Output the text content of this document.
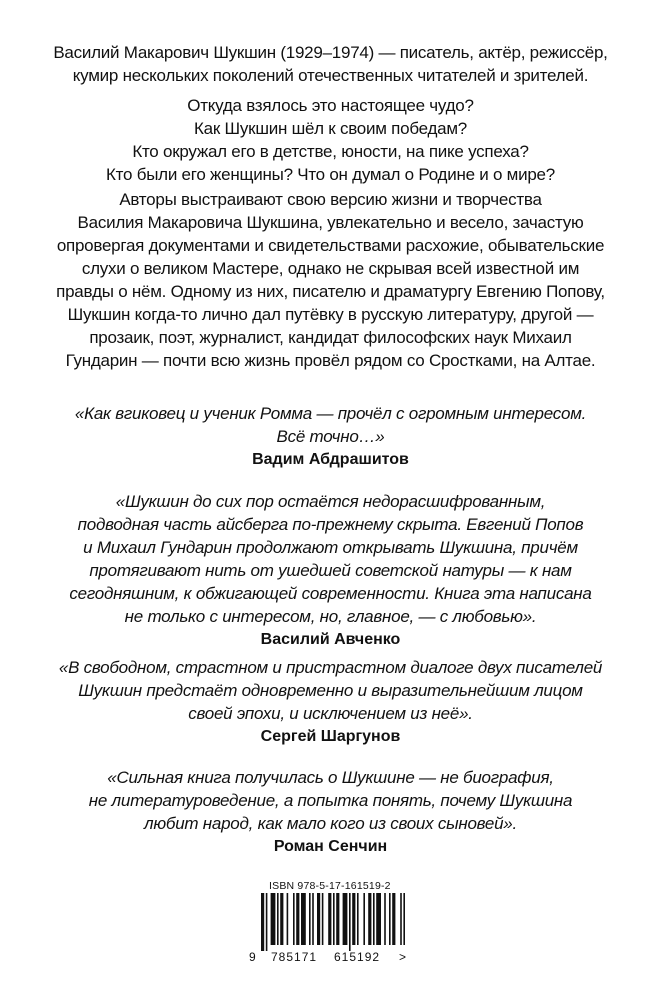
Василий Макарович Шукшин (1929–1974) — писатель, актёр, режиссёр,
кумир нескольких поколений отечественных читателей и зрителей.
Откуда взялось это настоящее чудо?
Как Шукшин шёл к своим победам?
Кто окружал его в детстве, юности, на пике успеха?
Кто были его женщины? Что он думал о Родине и о мире?
Авторы выстраивают свою версию жизни и творчества
Василия Макаровича Шукшина, увлекательно и весело, зачастую
опровергая документами и свидетельствами расхожие, обывательские
слухи о великом Мастере, однако не скрывая всей известной им
правды о нём. Одному из них, писателю и драматургу Евгению Попову,
Шукшин когда-то лично дал путёвку в русскую литературу, другой —
прозаик, поэт, журналист, кандидат философских наук Михаил
Гундарин — почти всю жизнь провёл рядом со Сростками, на Алтае.
«Как вгиковец и ученик Ромма — прочёл с огромным интересом.
Всё точно…»
Вадим Абдрашитов
«Шукшин до сих пор остаётся недорасшифрованным,
подводная часть айсберга по-прежнему скрыта. Евгений Попов
и Михаил Гундарин продолжают открывать Шукшина, причём
протягивают нить от ушедшей советской натуры — к нам
сегодняшним, к обжигающей современности. Книга эта написана
не только с интересом, но, главное, — с любовью».
Василий Авченко
«В свободном, страстном и пристрастном диалоге двух писателей
Шукшин предстаёт одновременно и выразительнейшим лицом
своей эпохи, и исключением из неё».
Сергей Шаргунов
«Сильная книга получилась о Шукшине — не биография,
не литературоведение, а попытка понять, почему Шукшина
любит народ, как мало кого из своих сыновей».
Роман Сенчин
ISBN 978-5-17-161519-2
9 785171 615192 >
